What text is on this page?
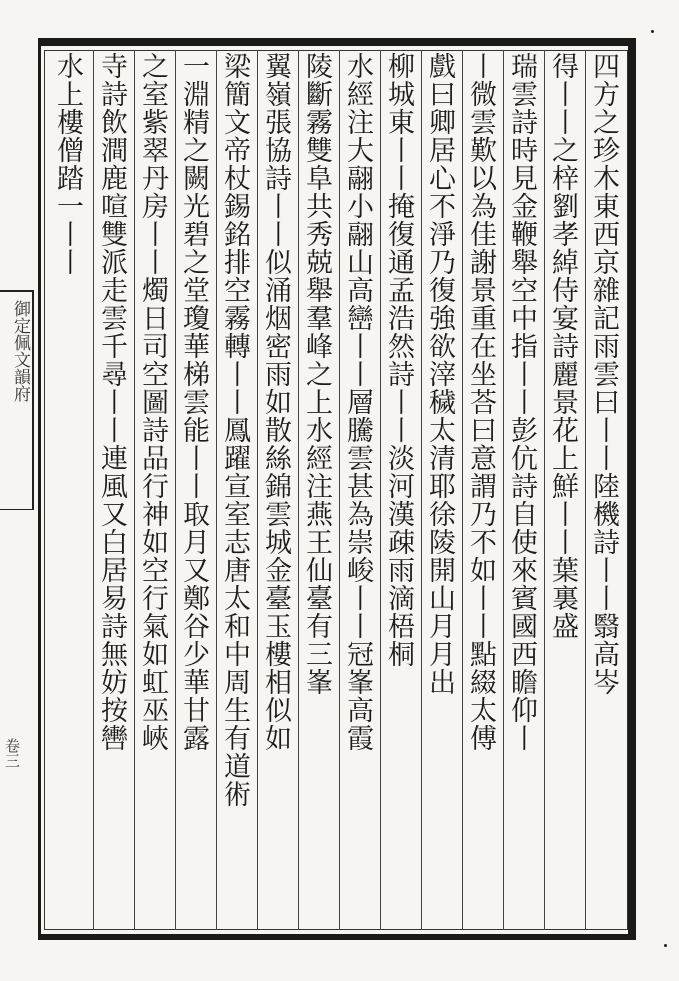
御定佩文韻府
卷三
四方之珍木東西京雜記雨雲曰丨丨陸機詩丨丨翳高岑
得丨丨之梓劉孝綽侍宴詩麗景花上鮮丨丨葉裏盛
瑞雲詩時見金鞭舉空中指丨丨彭伉詩自使來賓國西瞻仰丨
丨微雲歎以為佳謝景重在坐荅曰意謂乃不如丨丨點綴太傅
戲曰卿居心不淨乃復強欲滓穢太清耶徐陵開山月月出
柳城東丨丨掩復通孟浩然詩丨丨淡河漢疎雨滴梧桐
水經注大翮小翮山高巒丨丨層騰雲甚為崇峻丨丨冠峯高霞
陵斷霧雙阜共秀兢舉羣峰之上水經注燕王仙臺有三峯
翼嶺張協詩丨丨似涌烟密雨如散絲錦雲城金臺玉樓相似如
梁簡文帝杖錫銘排空霧轉丨丨鳳躍宣室志唐太和中周生有道術
一淵精之闕光碧之堂瓊華梯雲能丨丨取月又鄭谷少華甘露
之室紫翠丹房丨丨燭日司空圖詩品行神如空行氣如虹巫峽
寺詩飲澗鹿喧雙派走雲千尋丨丨連風又白居易詩無妨按轡
水上樓僧踏一丨丨
